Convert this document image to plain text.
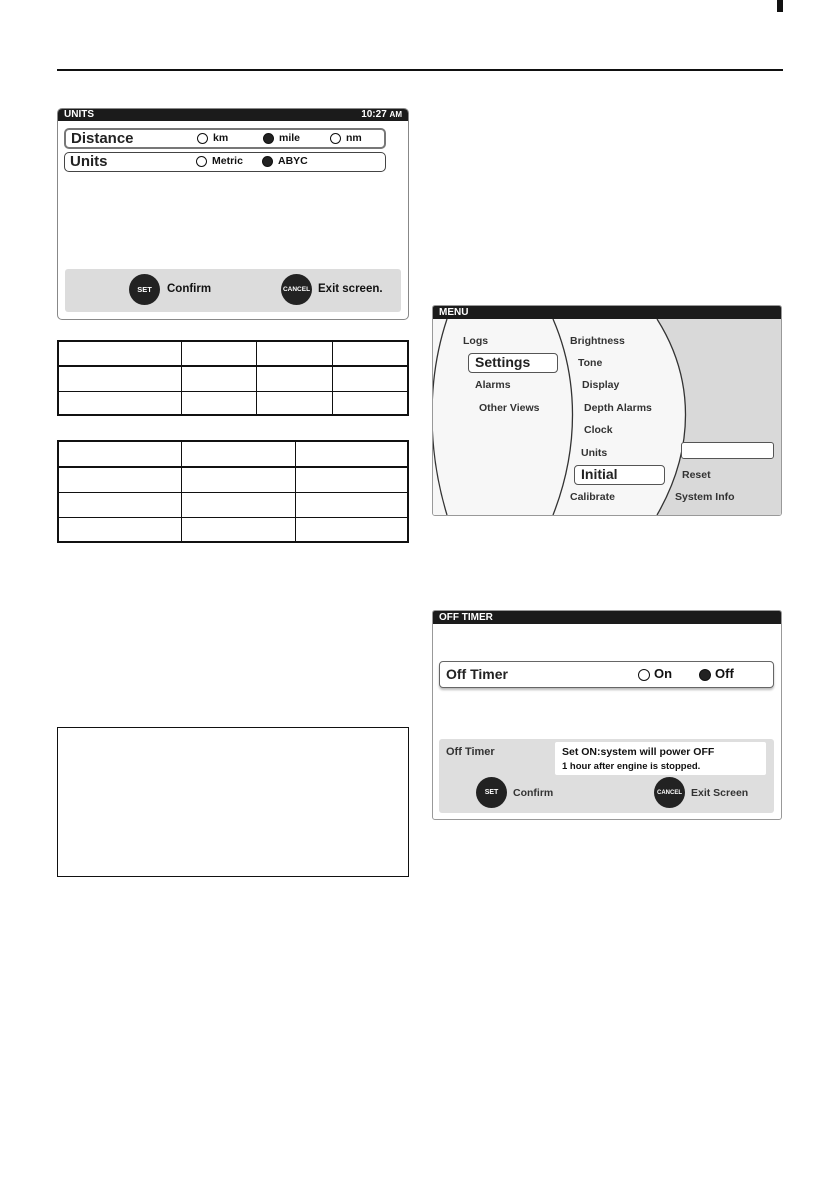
UNITS	10:27 AM
Distance	km	mile	nm
Units	Metric	ABYC
SET	Confirm	CANCEL Exit screen.

MENU
Logs
Settings
Alarms
Other Views
Brightness
Tone
Display
Depth Alarms
Clock
Units
Initial
Calibrate
Reset
System Info
OFF TIMER
Off Timer	On	Off
Off Timer	Set ON:system will power OFF
1 hour after engine is stopped.
SET	Confirm	CANCEL Exit Screen
